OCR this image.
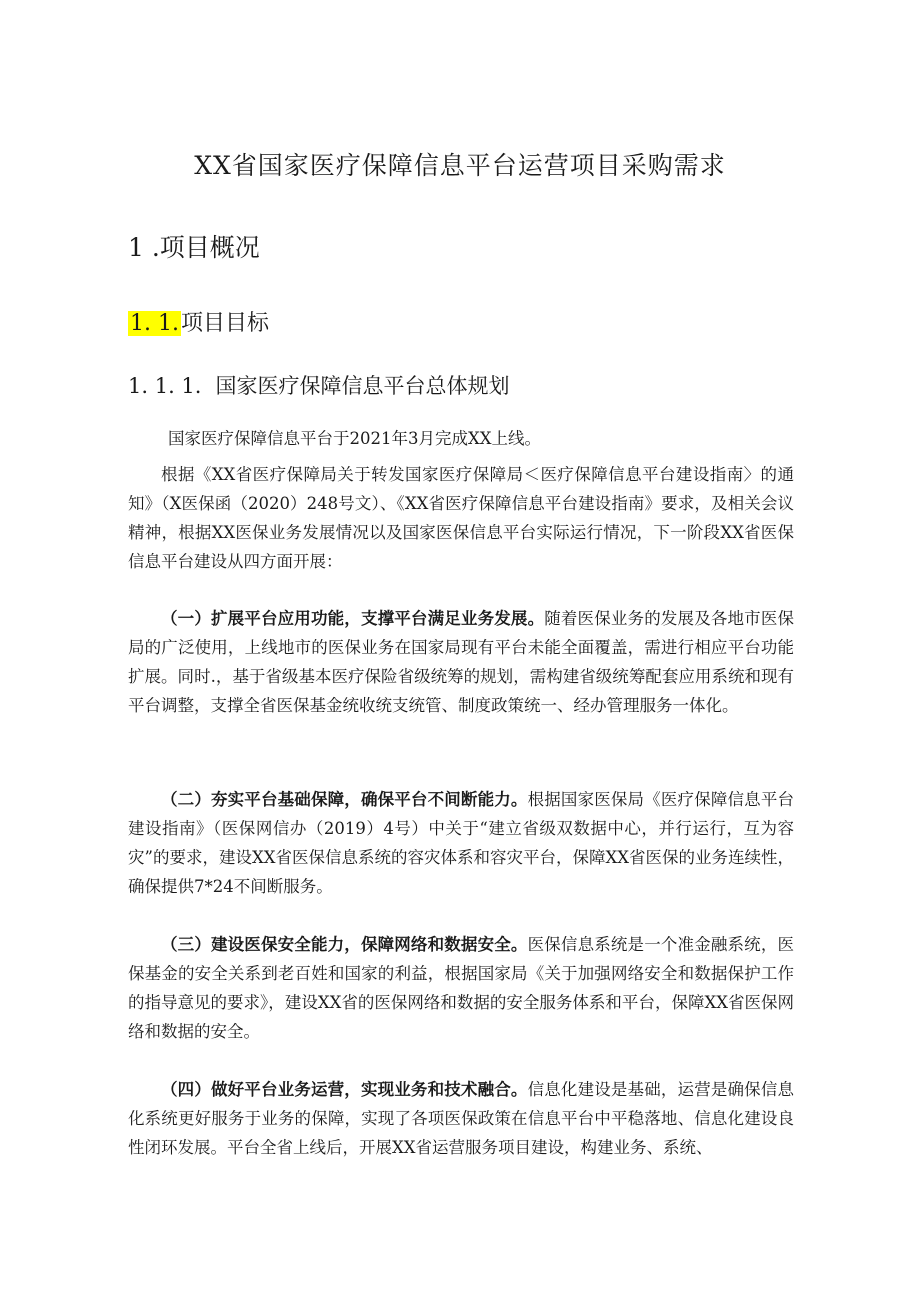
XX省国家医疗保障信息平台运营项目采购需求
1 .项目概况
1. 1.项目目标
1. 1. 1. 国家医疗保障信息平台总体规划

国家医疗保障信息平台于2021年3月完成XX上线。

根据《XX省医疗保障局关于转发国家医疗保障局＜医疗保障信息平台建设指南〉的通知》（X医保函（2020）248号文）、《XX省医疗保障信息平台建设指南》要求，及相关会议精神，根据XX医保业务发展情况以及国家医保信息平台实际运行情况，下一阶段XX省医保信息平台建设从四方面开展：

（一）扩展平台应用功能，支撑平台满足业务发展。随着医保业务的发展及各地市医保局的广泛使用，上线地市的医保业务在国家局现有平台未能全面覆盖，需进行相应平台功能扩展。同时.，基于省级基本医疗保险省级统筹的规划，需构建省级统筹配套应用系统和现有平台调整，支撑全省医保基金统收统支统管、制度政策统一、经办管理服务一体化。

（二）夯实平台基础保障，确保平台不间断能力。根据国家医保局《医疗保障信息平台建设指南》（医保网信办（2019）4号）中关于“建立省级双数据中心，并行运行，互为容灾”的要求，建设XX省医保信息系统的容灾体系和容灾平台，保障XX省医保的业务连续性，确保提供7*24不间断服务。

（三）建设医保安全能力，保障网络和数据安全。医保信息系统是一个准金融系统，医保基金的安全关系到老百姓和国家的利益，根据国家局《关于加强网络安全和数据保护工作的指导意见的要求》，建设XX省的医保网络和数据的安全服务体系和平台，保障XX省医保网络和数据的安全。

（四）做好平台业务运营，实现业务和技术融合。信息化建设是基础，运营是确保信息化系统更好服务于业务的保障，实现了各项医保政策在信息平台中平稳落地、信息化建设良性闭环发展。平台全省上线后，开展XX省运营服务项目建设，构建业务、系统、
